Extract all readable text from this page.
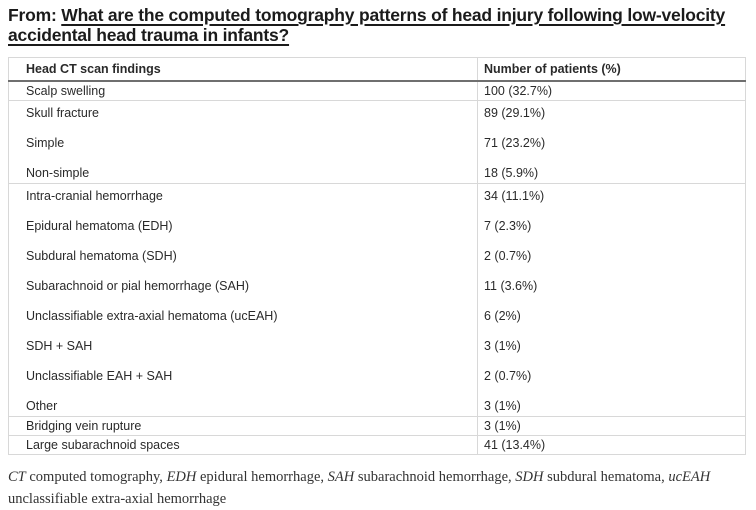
From: What are the computed tomography patterns of head injury following low-velocity accidental head trauma in infants?
Head CT scan findings	Number of patients (%)
Scalp swelling	100 (32.7%)
Skull fracture	89 (29.1%)
Simple	71 (23.2%)
Non-simple	18 (5.9%)
Intra-cranial hemorrhage	34 (11.1%)
Epidural hematoma (EDH)	7 (2.3%)
Subdural hematoma (SDH)	2 (0.7%)
Subarachnoid or pial hemorrhage (SAH)	11 (3.6%)
Unclassifiable extra-axial hematoma (ucEAH)	6 (2%)
SDH + SAH	3 (1%)
Unclassifiable EAH + SAH	2 (0.7%)
Other	3 (1%)
Bridging vein rupture	3 (1%)
Large subarachnoid spaces	41 (13.4%)

CT computed tomography, EDH epidural hemorrhage, SAH subarachnoid hemorrhage, SDH subdural hematoma, ucEAH unclassifiable extra-axial hemorrhage
